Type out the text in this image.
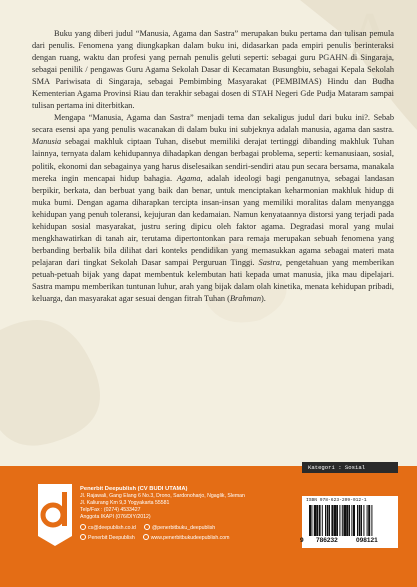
A

Buku yang diberi judul “Manusia, Agama dan Sastra” merupakan buku pertama dan tulisan pemula dari penulis. Fenomena yang diungkapkan dalam buku ini, didasarkan pada empiri penulis berinteraksi dengan ruang, waktu dan profesi yang pernah penulis geluti seperti: sebagai guru PGAHN di Singaraja, sebagai penilik / pengawas Guru Agama Sekolah Dasar di Kecamatan Busungbiu, sebagai Kepala Sekolah SMA Pariwisata di Singaraja, sebagai Pembimbing Masyarakat (PEMBIMAS) Hindu dan Budha Kementerian Agama Provinsi Riau dan terakhir sebagai dosen di STAH Negeri Gde Pudja Mataram sampai tulisan pertama ini diterbitkan.

Mengapa “Manusia, Agama dan Sastra” menjadi tema dan sekaligus judul dari buku ini?. Sebab secara esensi apa yang penulis wacanakan di dalam buku ini subjeknya adalah manusia, agama dan sastra. Manusia sebagai makhluk ciptaan Tuhan, disebut memiliki derajat tertinggi dibanding makhluk Tuhan lainnya, ternyata dalam kehidupannya dihadapkan dengan berbagai problema, seperti: kemanusiaan, sosial, politik, ekonomi dan sebagainya yang harus diselesaikan sendiri-sendiri atau pun secara bersama, manakala mereka ingin mencapai hidup bahagia. Agama, adalah ideologi bagi penganutnya, sebagai landasan berpikir, berkata, dan berbuat yang baik dan benar, untuk menciptakan keharmonian makhluk hidup di muka bumi. Dengan agama diharapkan tercipta insan-insan yang memiliki moralitas dalam menyangga kehidupan yang penuh toleransi, kejujuran dan kedamaian. Namun kenyataannya distorsi yang terjadi pada kehidupan sosial masyarakat, justru sering dipicu oleh faktor agama. Degradasi moral yang mulai mengkhawatirkan di tanah air, terutama dipertontonkan para remaja merupakan sebuah fenomena yang berbanding berbalik bila dilihat dari konteks pendidikan yang memasukkan agama sebagai materi mata pelajaran dari tingkat Sekolah Dasar sampai Perguruan Tinggi. Sastra, pengetahuan yang memberikan petuah-petuah bijak yang dapat membentuk kelembutan hati kepada umat manusia, jika mau dipelajari. Sastra mampu memberikan tuntunan luhur, arah yang bijak dalam olah kinetika, menata kehidupan pribadi, keluarga, dan masyarakat agar sesuai dengan fitrah Tuhan (Brahman).

Penerbit Deepublish (CV BUDI UTAMA)
Jl. Rajawali, Gang Elang 6 No.3, Drono, Sardonoharjo, Ngaglik, Sleman
Jl. Kaliurang Km 9,3 Yogyakarta 55581
Telp/Fax : (0274) 4533427
Anggota IKAPI (076/DIY/2012)
cs@deepublish.co.id	@penerbitbuku_deepublish
Penerbit Deepublish	www.penerbitbukudeepublish.com
Kategori : Sosial
ISBN 978-623-209-012-1
9 786232	098121
